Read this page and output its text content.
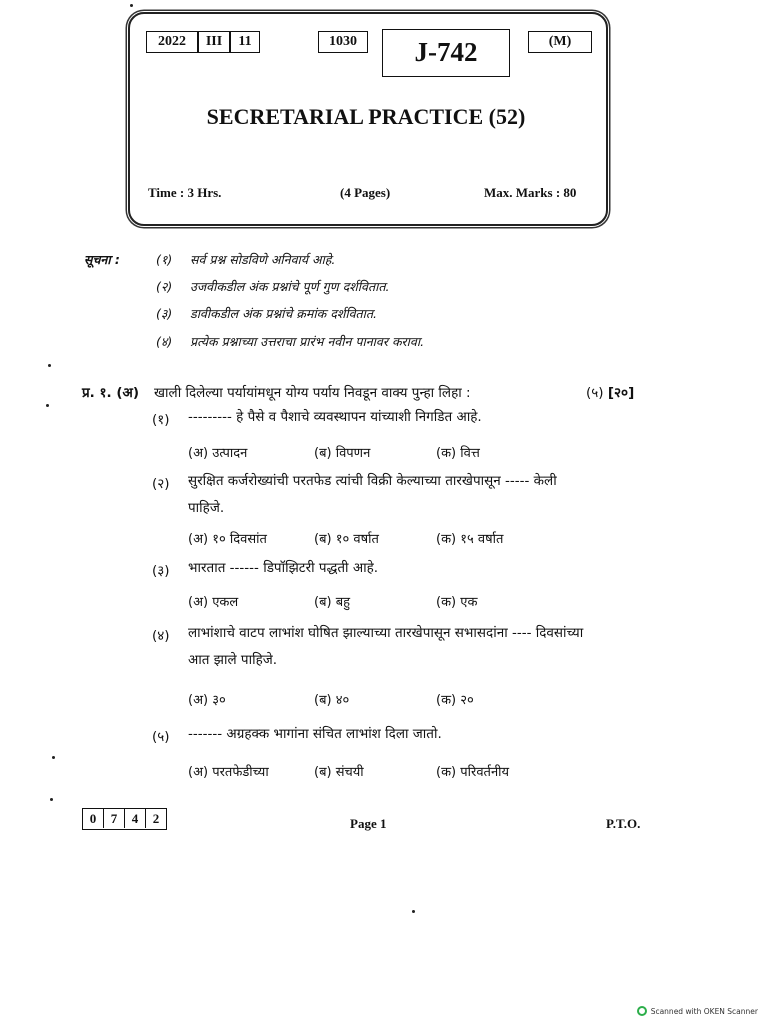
2022	III	11	1030	J-742	(M)
SECRETARIAL PRACTICE (52)
Time : 3 Hrs.	(4 Pages)	Max. Marks : 80
सूचना :	(१) सर्व प्रश्न सोडविणे अनिवार्य आहे.
(२) उजवीकडील अंक प्रश्नांचे पूर्ण गुण दर्शवितात.
(३) डावीकडील अंक प्रश्नांचे क्रमांक दर्शवितात.
(४) प्रत्येक प्रश्नाच्या उत्तराचा प्रारंभ नवीन पानावर करावा.
प्र. १. (अ) खाली दिलेल्या पर्यायांमधून योग्य पर्याय निवडून वाक्य पुन्हा लिहा :	(५) [२०]
(१) --------- हे पैसे व पैशाचे व्यवस्थापन यांच्याशी निगडित आहे.
(अ) उत्पादन	(ब) विपणन	(क) वित्त
(२) सुरक्षित कर्जरोख्यांची परतफेड त्यांची विक्री केल्याच्या तारखेपासून ----- केली पाहिजे.
(अ) १० दिवसांत	(ब) १० वर्षात	(क) १५ वर्षात
(३) भारतात ------ डिपॉझिटरी पद्धती आहे.
(अ) एकल	(ब) बहु	(क) एक
(४) लाभांशाचे वाटप लाभांश घोषित झाल्याच्या तारखेपासून सभासदांना ---- दिवसांच्या आत झाले पाहिजे.
(अ) ३०	(ब) ४०	(क) २०
(५) ------- अग्रहक्क भागांना संचित लाभांश दिला जातो.
(अ) परतफेडीच्या	(ब) संचयी	(क) परिवर्तनीय
0	7	4	2	Page 1	P.T.O.
Scanned with OKEN Scanner
